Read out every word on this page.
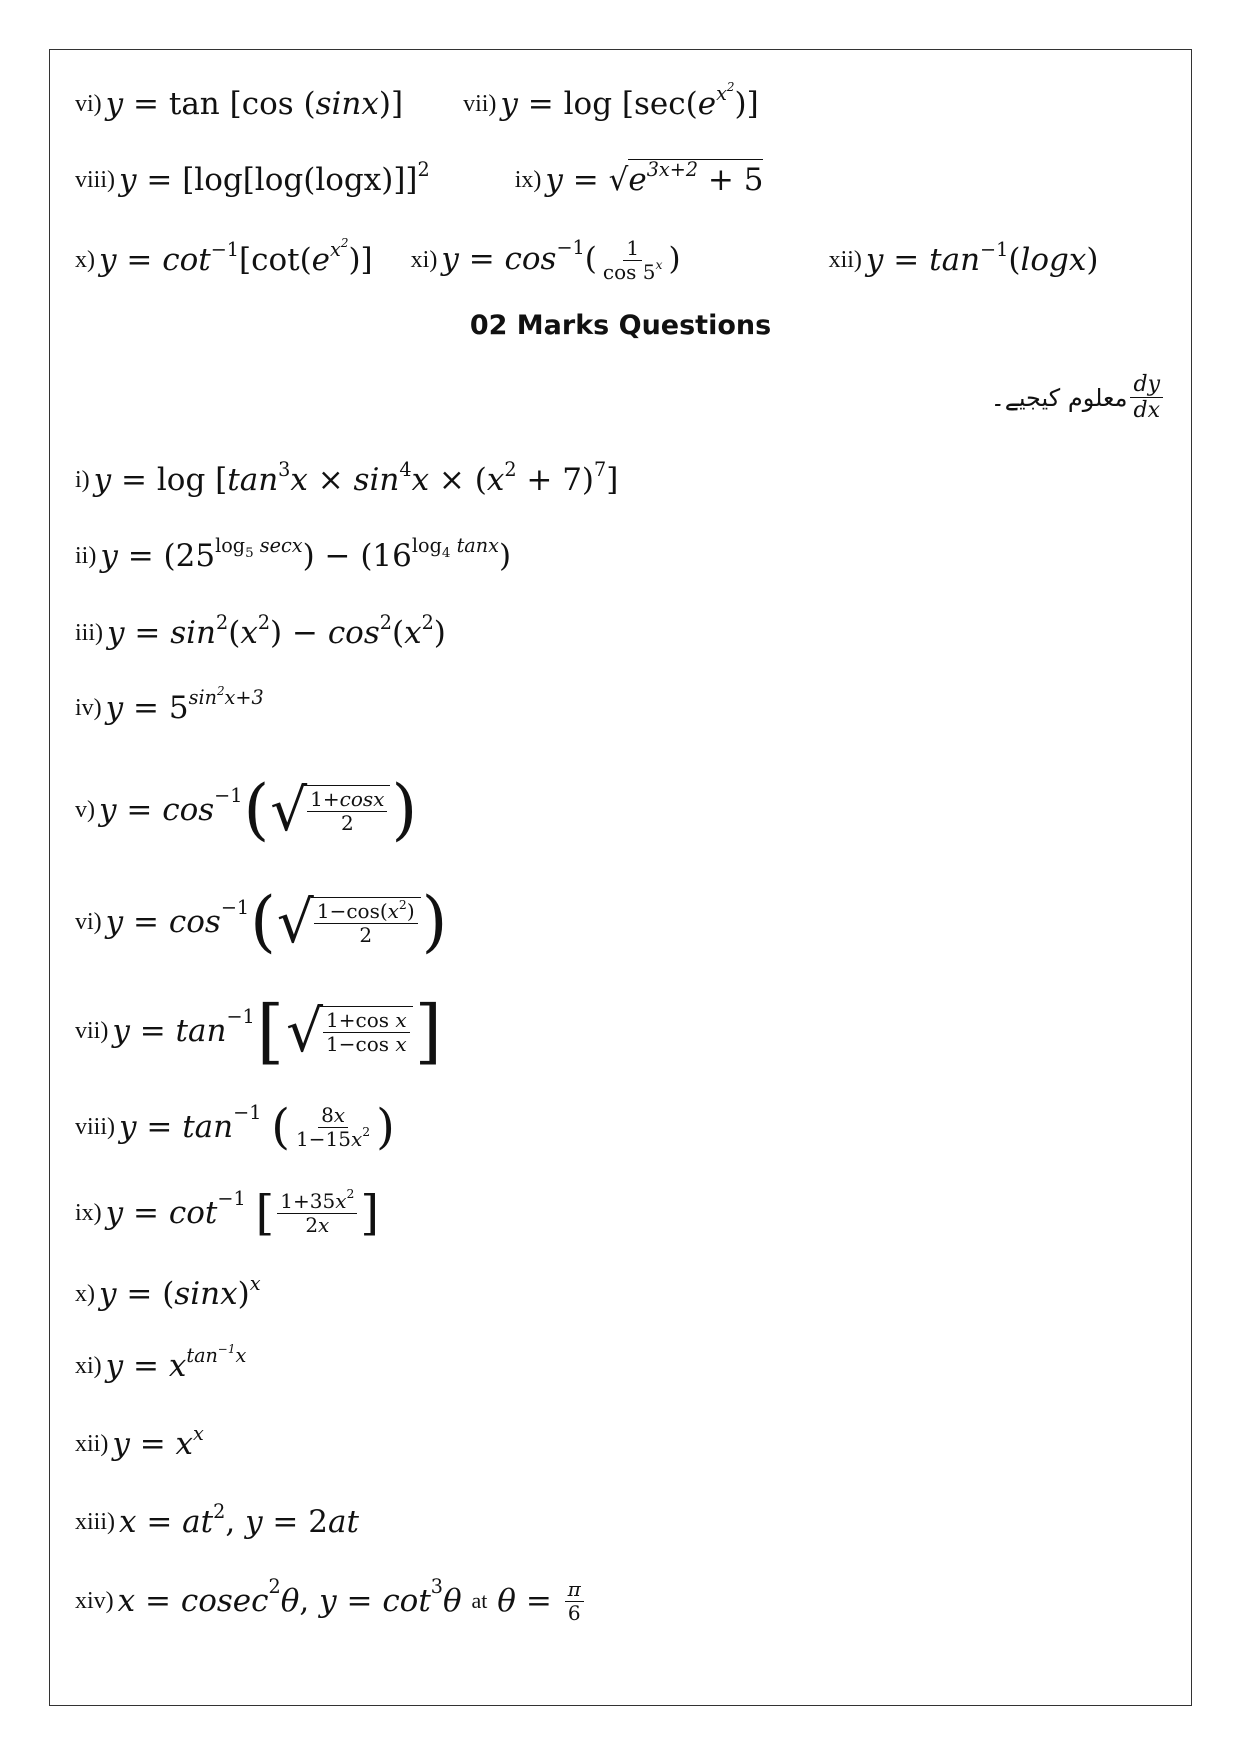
vi) y = tan [cos (sinx)]	vii) $y = \log [\sec(e^{x^2})]$
viii) $y = [\log[\log(\log x)]]^2$	ix) $y = √e^{3x+2} + 5$
x) $y = \cot^{-1}[\cot(e^{x^2})]$ xi) $y = \cos^{-1}( \frac{1}{\cos 5^x}$ )	xii) $y = \tan^{-1}(\log x)$
02 Marks Questions
معلوم کیجیے۔ $\frac{dy}{dx}$
i) $y = \log [\tan^3x \times \sin^4x \times (x^2 + 7)^7]$
ii) $y = (25^{log_5 secx}) - (16^{log_4 tanx})$
iii) $y = \sin^2(x^2) - \cos^2(x^2)$
iv) $y = 5^{sin^2x+3}$
v) $y = \cos^{-1}$ ( √ $\frac{1+\cos x}{2}$ )
vi) $y = \cos^{-1}$ ( √ $\frac{1-\cos(x^2)}{2}$ )
vii) $y = \tan^{-1}$ [ √ $\frac{\text{1+cos x}}{\text{1−cos x}}$ ]
viii) $y = \tan^{-1}$
( $\frac{8x}{1-15x^2}$ )
ix) $y = \cot^{-1}$
[ $\frac{1+35x^2}{2x}$ ]
x) $y = (\sin x)^x$
xi) $y = x^{tan^{-1}x}$
xii) $y = x^x$
xiii) $x = at^2$, y = 2at
xiv) x = cosec$^2$ θ , $y = \cot^3 \theta$
at
$\theta = \frac{\pi}{6}$
